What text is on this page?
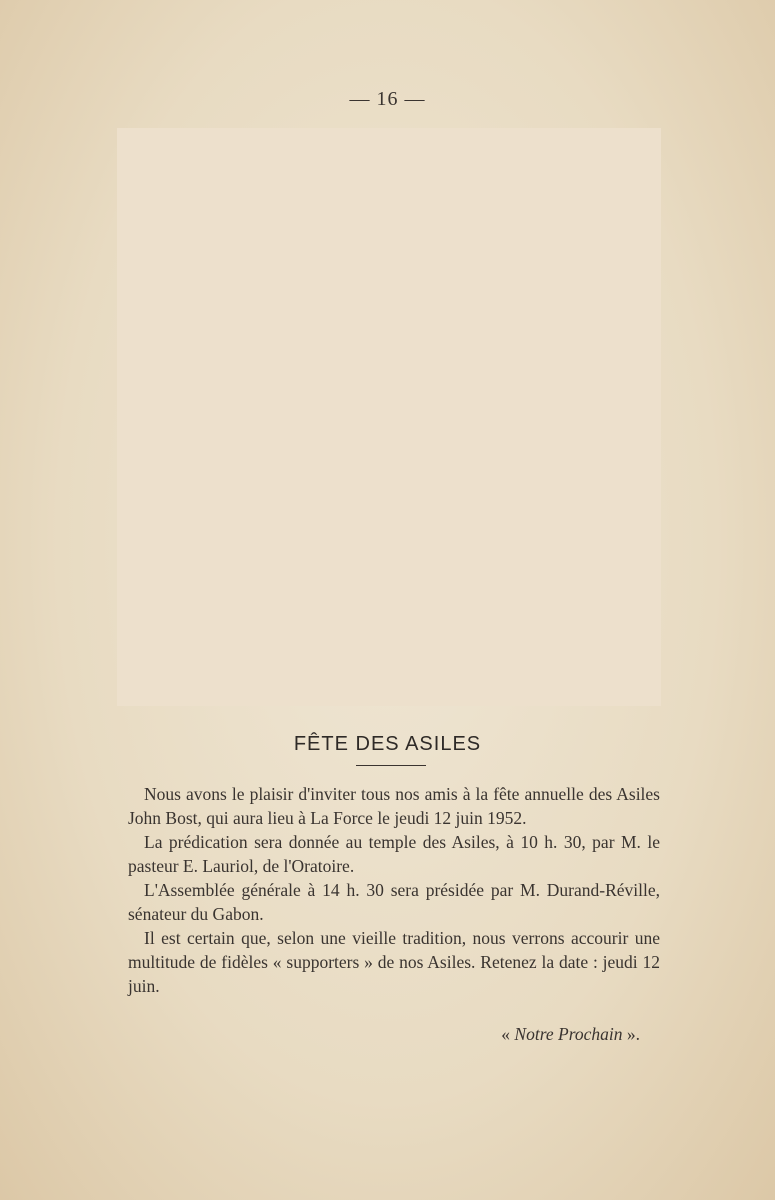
— 16 —
FÊTE DES ASILES

Nous avons le plaisir d'inviter tous nos amis à la fête annuelle des Asiles John Bost, qui aura lieu à La Force le jeudi 12 juin 1952.

La prédication sera donnée au temple des Asiles, à 10 h. 30, par M. le pasteur E. Lauriol, de l'Oratoire.

L'Assemblée générale à 14 h. 30 sera présidée par M. Durand-Réville, sénateur du Gabon.

Il est certain que, selon une vieille tradition, nous verrons accourir une multitude de fidèles « supporters » de nos Asiles. Retenez la date : jeudi 12 juin.

« Notre Prochain ».
